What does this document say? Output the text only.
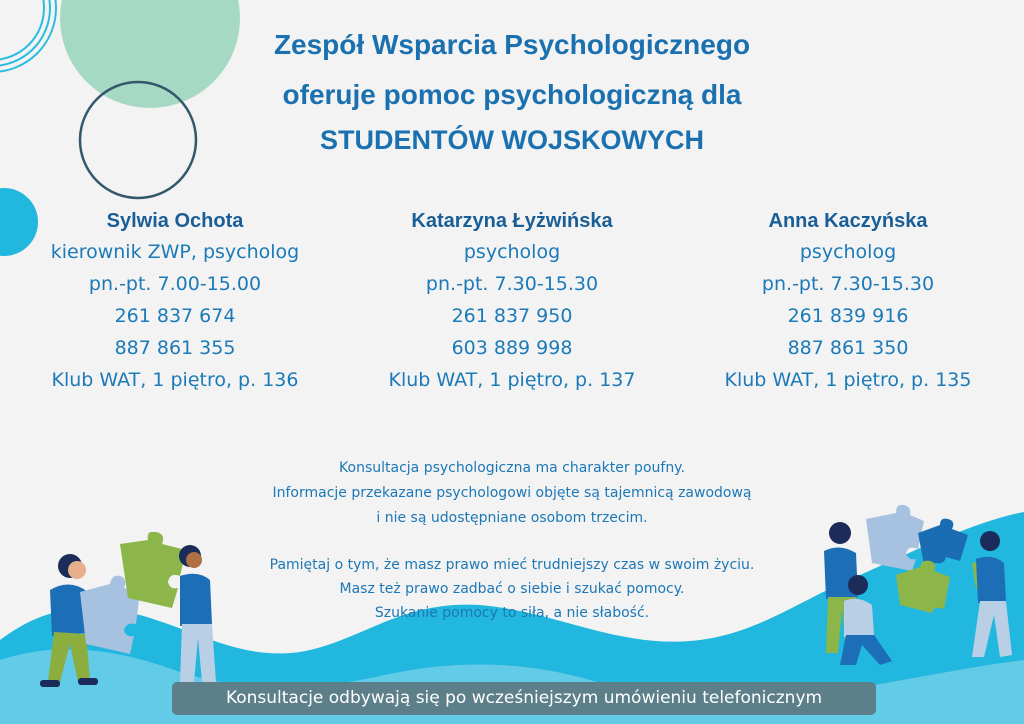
Zespół Wsparcia Psychologicznego
oferuje pomoc psychologiczną dla
STUDENTÓW WOJSKOWYCH
Sylwia Ochota
kierownik ZWP, psycholog
pn.-pt. 7.00-15.00
261 837 674
887 861 355
Klub WAT, 1 piętro, p. 136
Katarzyna Łyżwińska
psycholog
pn.-pt. 7.30-15.30
261 837 950
603 889 998
Klub WAT, 1 piętro, p. 137
Anna Kaczyńska
psycholog
pn.-pt. 7.30-15.30
261 839 916
887 861 350
Klub WAT, 1 piętro, p. 135
Konsultacja psychologiczna ma charakter poufny.
Informacje przekazane psychologowi objęte są tajemnicą zawodową
i nie są udostępniane osobom trzecim.
Pamiętaj o tym, że masz prawo mieć trudniejszy czas w swoim życiu.
Masz też prawo zadbać o siebie i szukać pomocy.
Szukanie pomocy to siła, a nie słabość.
Konsultacje odbywają się po wcześniejszym umówieniu telefonicznym
